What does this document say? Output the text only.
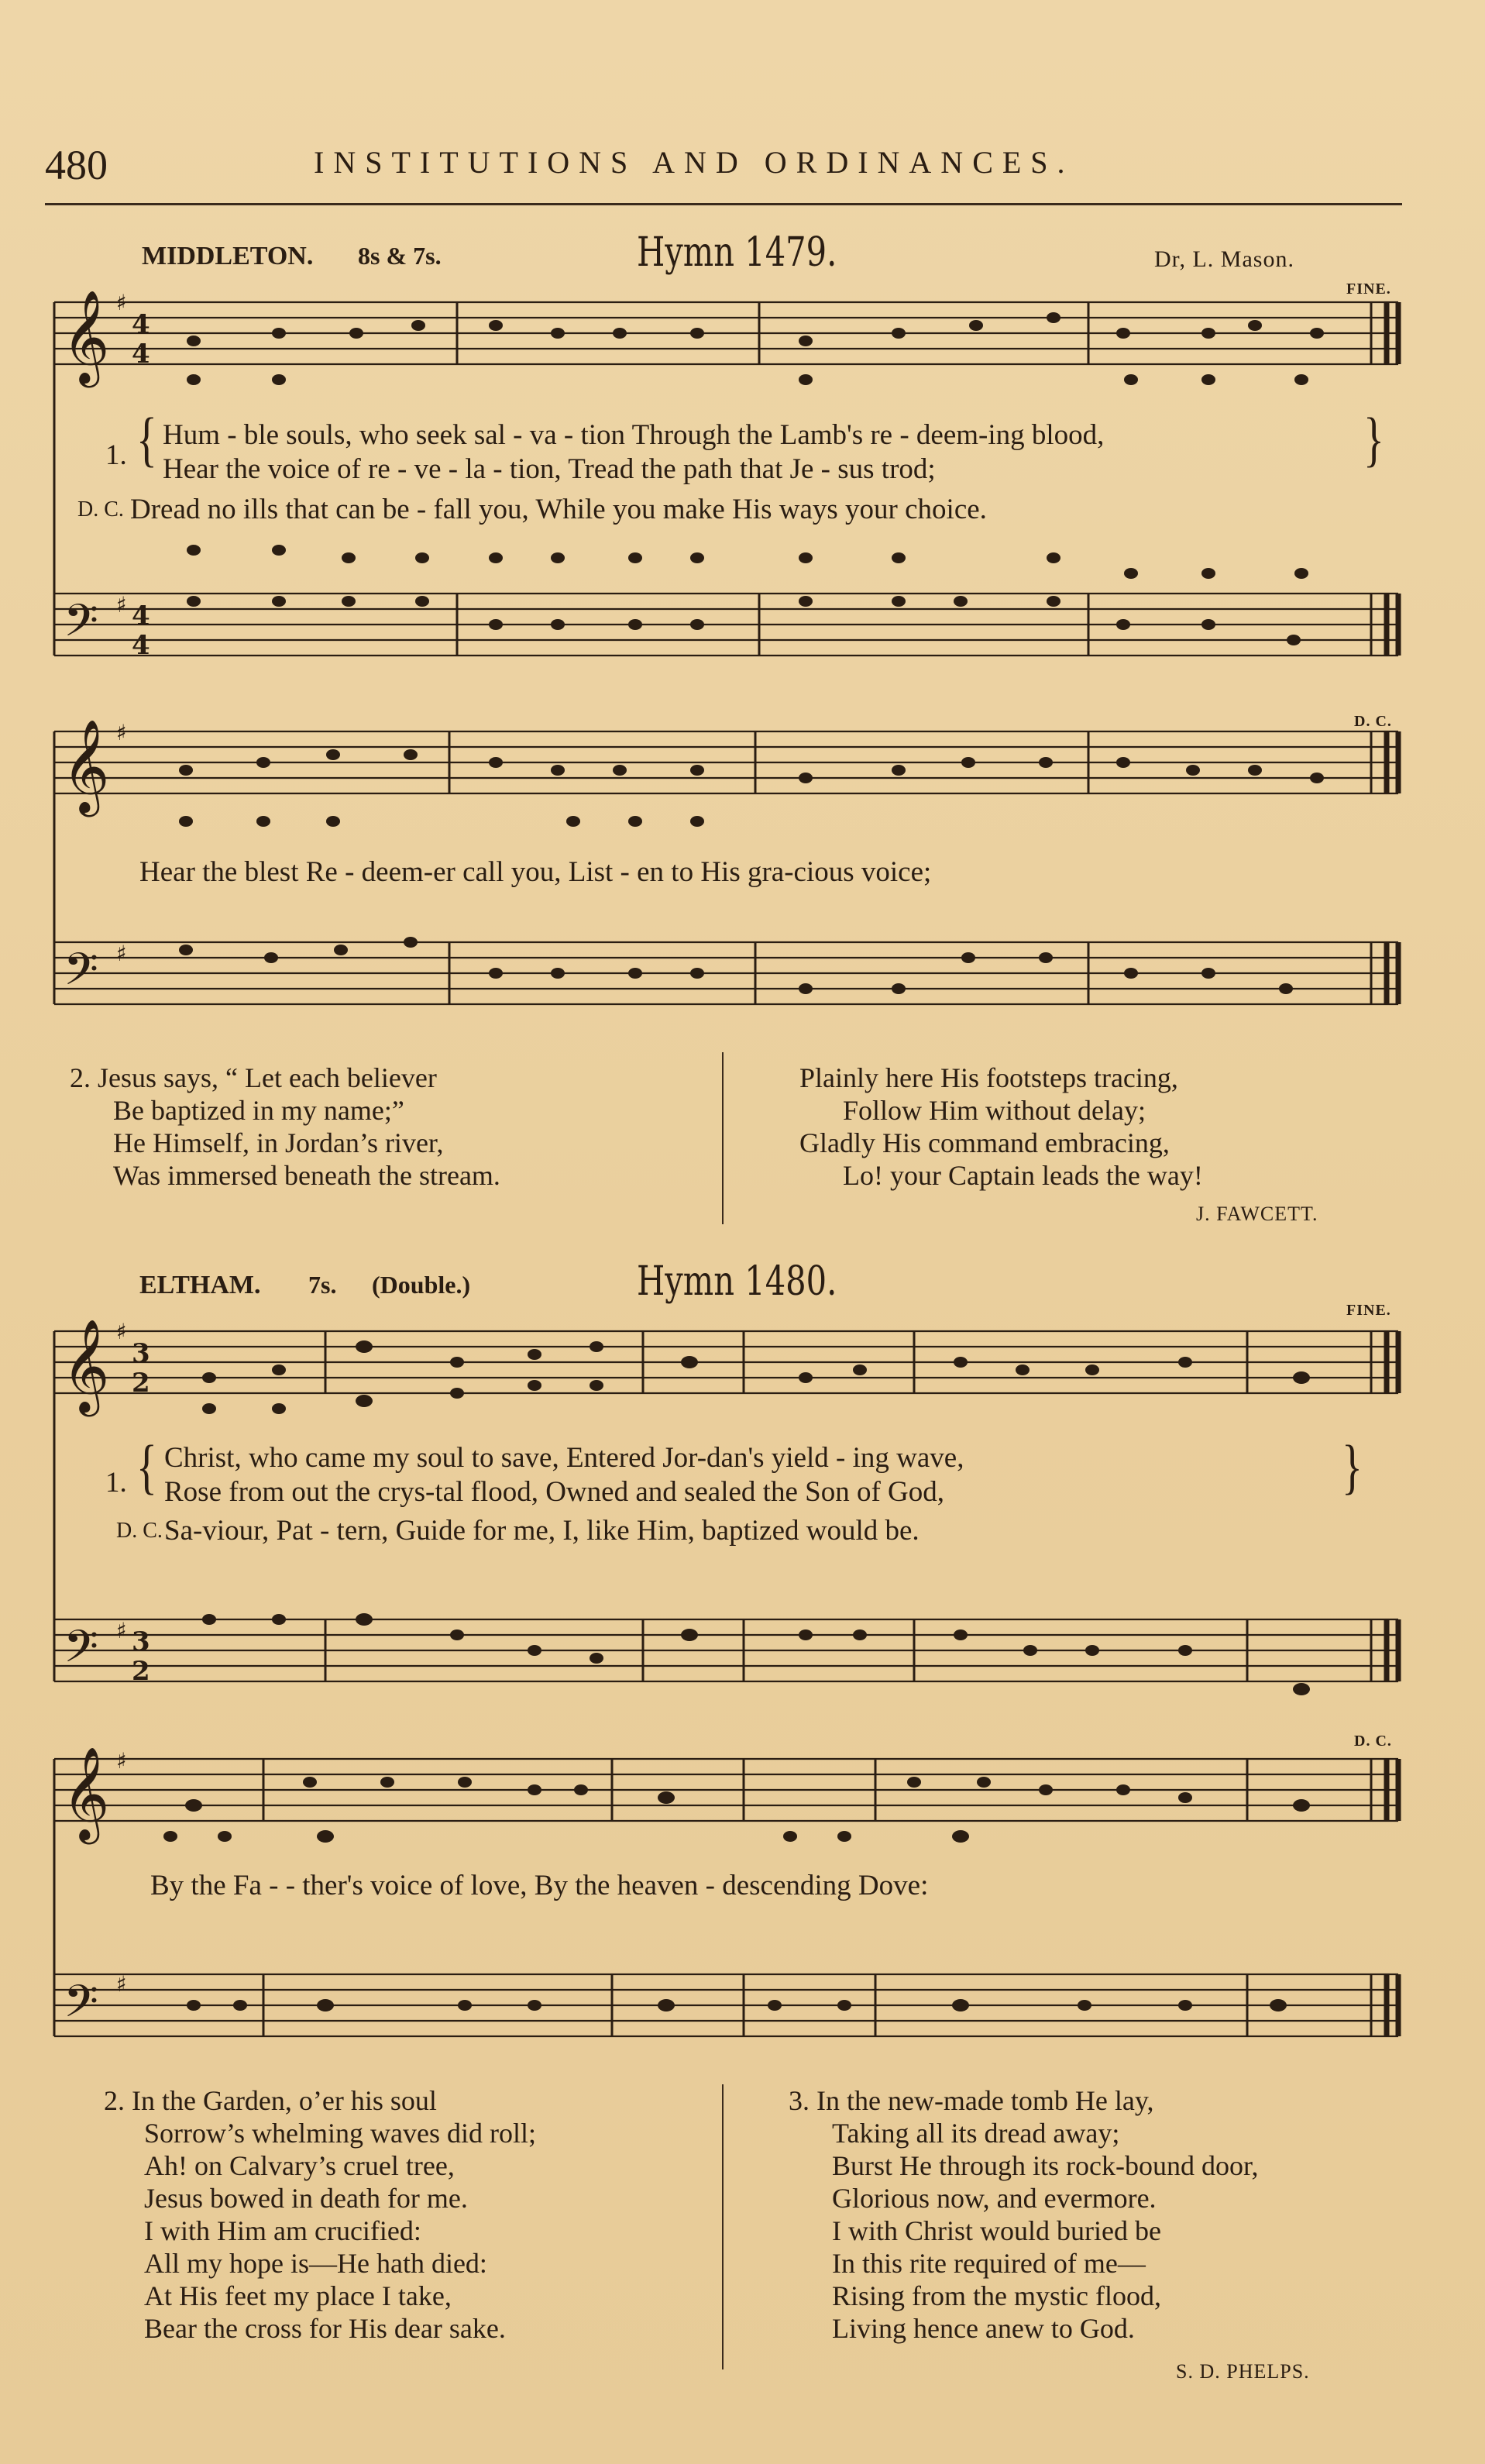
480	INSTITUTIONS AND ORDINANCES.
MIDDLETON. 8s & 7s.	Hymn 1479.	Dr, L. Mason.
FINE.
𝄞
𝄢
𝄞
𝄢
♯
4
4
♯ 4
4
♯
♯
1. { Hum - ble souls, who seek sal - va - tion Through the Lamb's re - deem-ing blood,
Hear the voice of re - ve - la - tion, Tread the path that Je - sus trod;	}
D. C. Dread no ills that can be - fall you, While you make His ways your choice.
D. C.
Hear the blest Re - deem-er call you, List - en to His gra-cious voice;
2. Jesus says, “ Let each believer
Be baptized in my name;”
He Himself, in Jordan’s river,
Was immersed beneath the stream.
Plainly here His footsteps tracing,
Follow Him without delay;
Gladly His command embracing,
Lo! your Captain leads the way!
J. FAWCETT.
ELTHAM. 7s. (Double.)	Hymn 1480.
FINE.
𝄞
𝄢
𝄞
𝄢
♯
3
2
♯ 3
2
♯
♯
1. { Christ, who came my soul to save, Entered Jor-dan's yield - ing wave,
Rose from out the crys-tal flood, Owned and sealed the Son of God,	}
D. C. Sa-viour, Pat - tern, Guide for me, I, like Him, baptized would be.
D. C.
By the Fa - - ther's voice of love, By the heaven - descending Dove:
2. In the Garden, o’er his soul
Sorrow’s whelming waves did roll;
Ah! on Calvary’s cruel tree,
Jesus bowed in death for me.
I with Him am crucified:
All my hope is—He hath died:
At His feet my place I take,
Bear the cross for His dear sake.
3. In the new-made tomb He lay,
Taking all its dread away;
Burst He through its rock-bound door,
Glorious now, and evermore.
I with Christ would buried be
In this rite required of me—
Rising from the mystic flood,
Living hence anew to God.
S. D. PHELPS.
